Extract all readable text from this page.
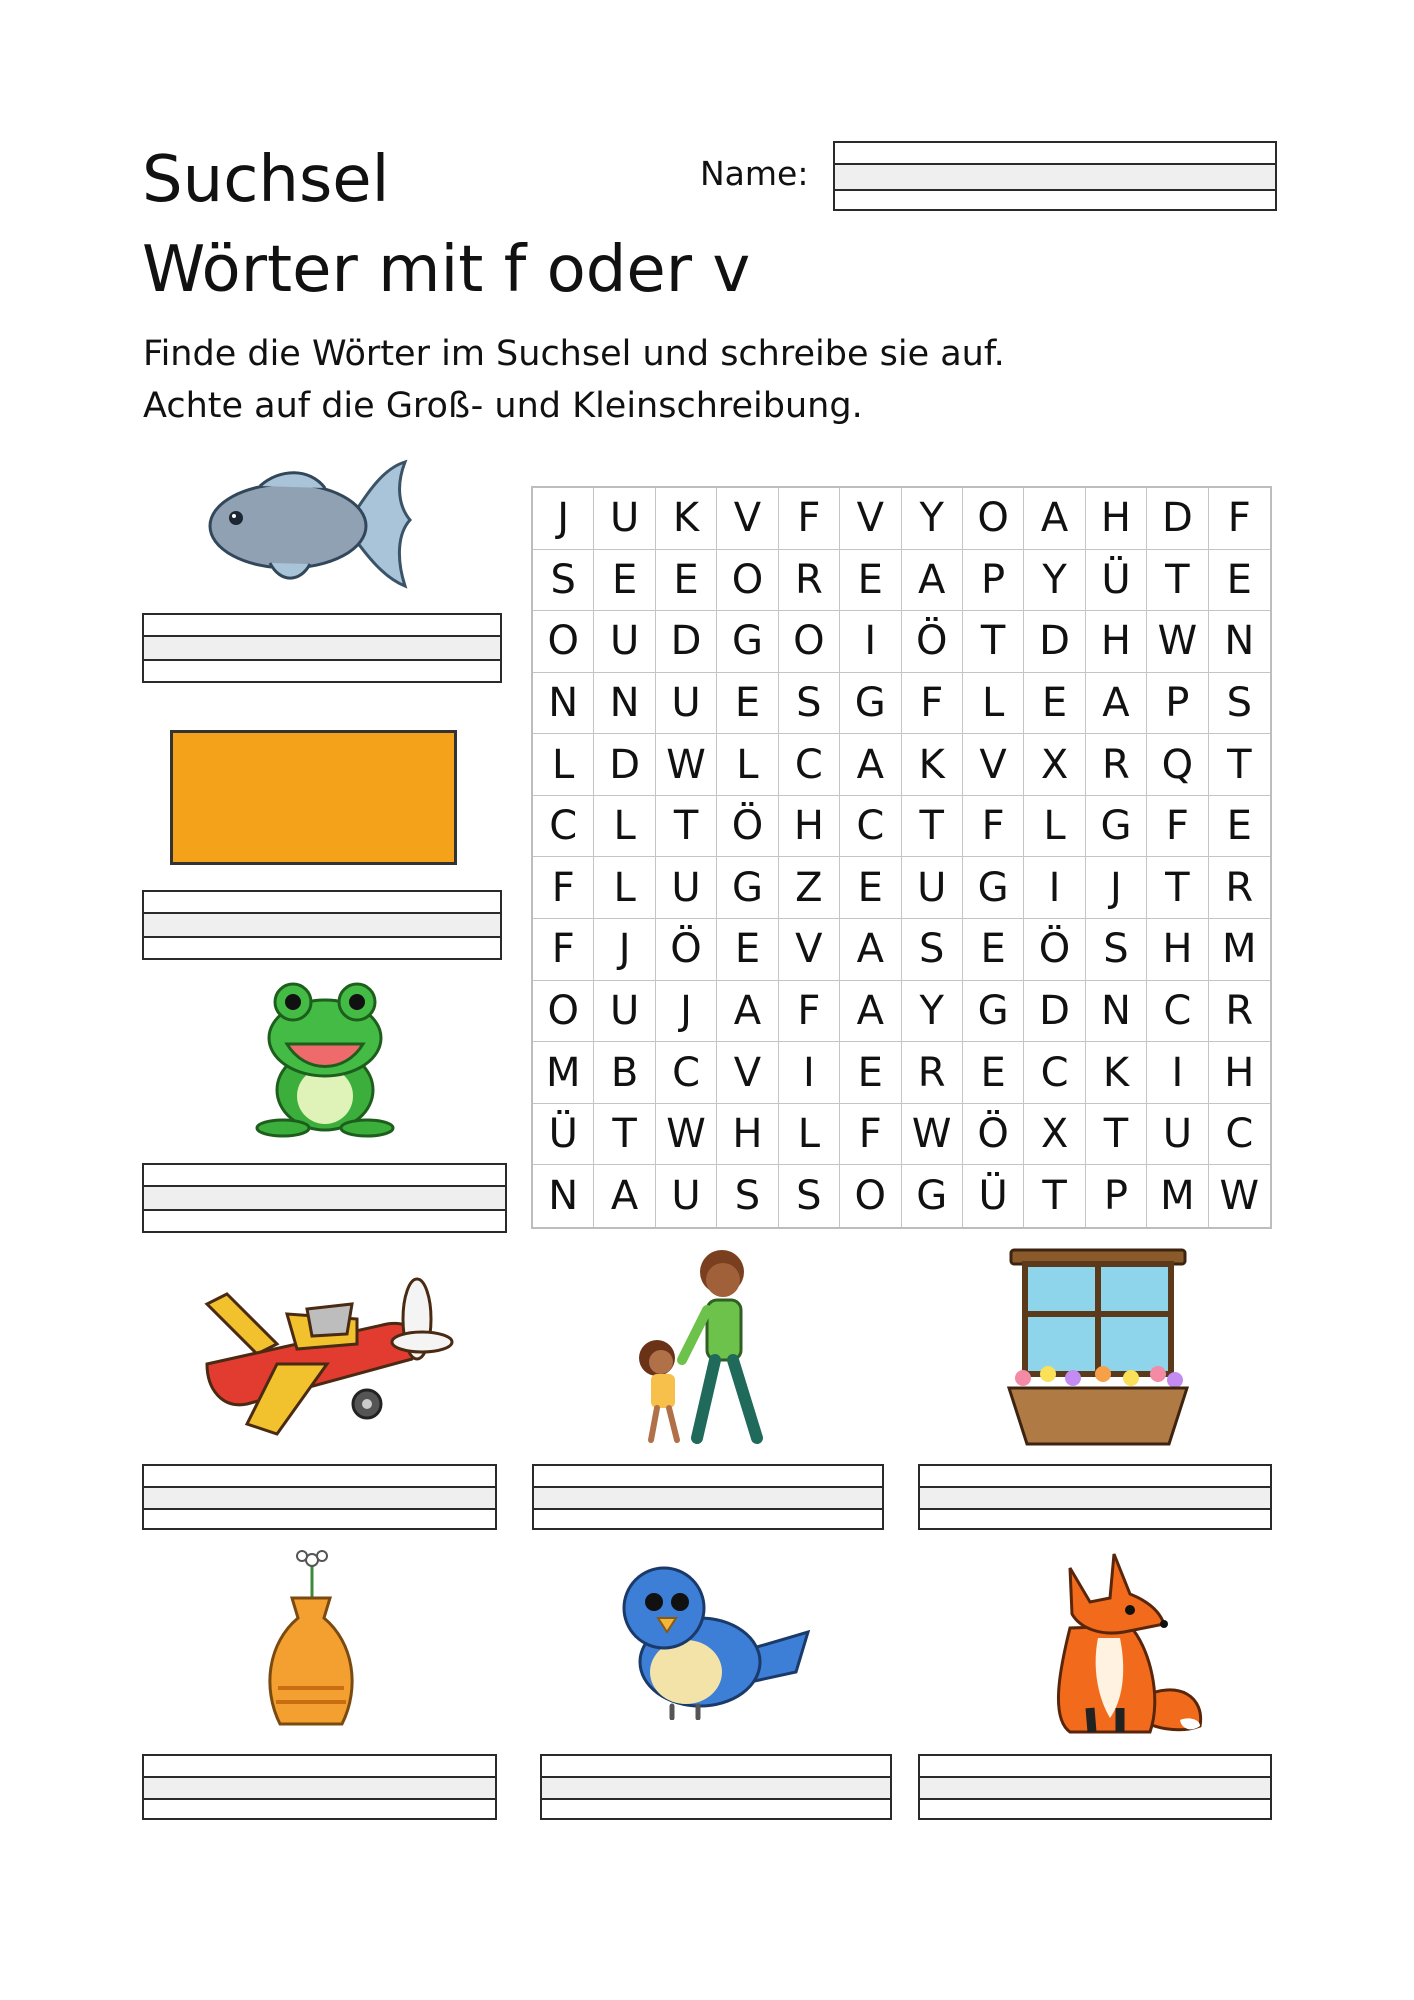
Suchsel
Wörter mit f oder v
Name:
Finde die Wörter im Suchsel und schreibe sie auf.
Achte auf die Groß- und Kleinschreibung.
J	U K V F V Y O A H D F
S E E O R E A P Y Ü T E
O U D G O I Ö T D H W N
N N U E S G F L E A P S
L D W L C A K V X R Q T
C L T Ö H C T F L G F E
F L U G Z E U G	I	J	T R
F	J Ö E V A S E Ö S H M
O U	J	A F A Y G D N C R
M B C V	I	E R E C K	I	H
Ü T W H L F W Ö X T U C
N A U S S O G Ü T P M W
